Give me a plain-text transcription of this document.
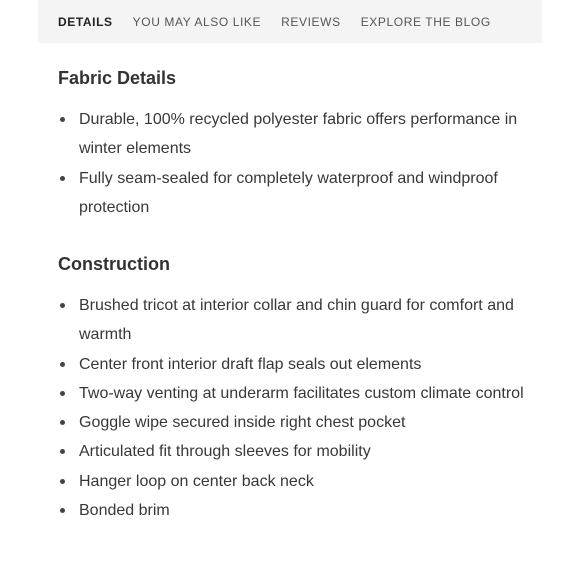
DETAILS YOU MAY ALSO LIKE REVIEWS EXPLORE THE BLOG
Fabric Details
Durable, 100% recycled polyester fabric offers performance in winter elements
Fully seam-sealed for completely waterproof and windproof protection
Construction
Brushed tricot at interior collar and chin guard for comfort and warmth
Center front interior draft flap seals out elements
Two-way venting at underarm facilitates custom climate control
Goggle wipe secured inside right chest pocket
Articulated fit through sleeves for mobility
Hanger loop on center back neck
Bonded brim
